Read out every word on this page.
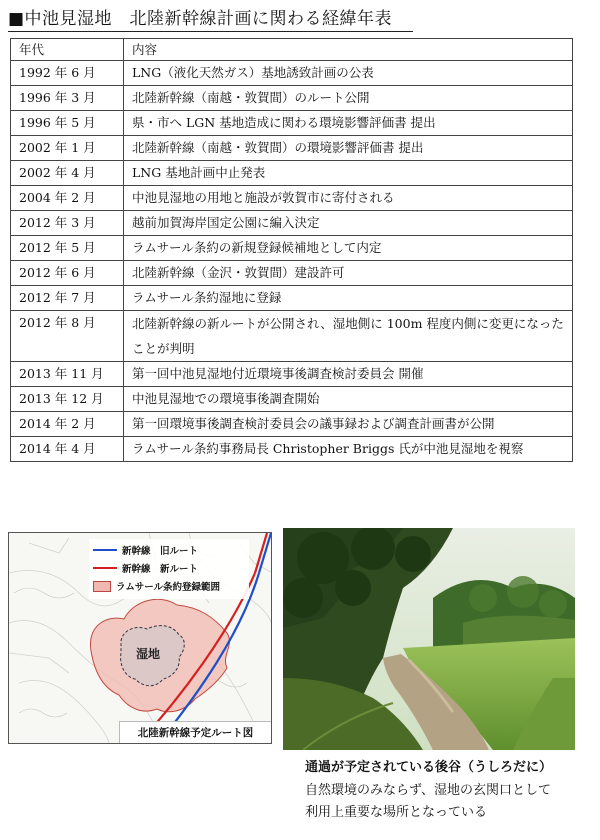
■中池見湿地　北陸新幹線計画に関わる経緯年表
年代	内容
1992 年 6 月	LNG（液化天然ガス）基地誘致計画の公表
1996 年 3 月	北陸新幹線（南越・敦賀間）のルート公開
1996 年 5 月	県・市へ LGN 基地造成に関わる環境影響評価書 提出
2002 年 1 月	北陸新幹線（南越・敦賀間）の環境影響評価書 提出
2002 年 4 月	LNG 基地計画中止発表
2004 年 2 月	中池見湿地の用地と施設が敦賀市に寄付される
2012 年 3 月	越前加賀海岸国定公園に編入決定
2012 年 5 月	ラムサール条約の新規登録候補地として内定
2012 年 6 月	北陸新幹線（金沢・敦賀間）建設許可
2012 年 7 月	ラムサール条約湿地に登録
2012 年 8 月	北陸新幹線の新ルートが公開され、湿地側に 100m 程度内側に変更になったことが判明
2013 年 11 月	第一回中池見湿地付近環境事後調査検討委員会 開催
2013 年 12 月	中池見湿地での環境事後調査開始
2014 年 2 月	第一回環境事後調査検討委員会の議事録および調査計画書が公開
2014 年 4 月	ラムサール条約事務局長 Christopher Briggs 氏が中池見湿地を視察
新幹線　旧ルート
新幹線　新ルート
ラムサール条約登録範囲
湿地
北陸新幹線予定ルート図
通過が予定されている後谷（うしろだに）
自然環境のみならず、湿地の玄関口として
利用上重要な場所となっている
